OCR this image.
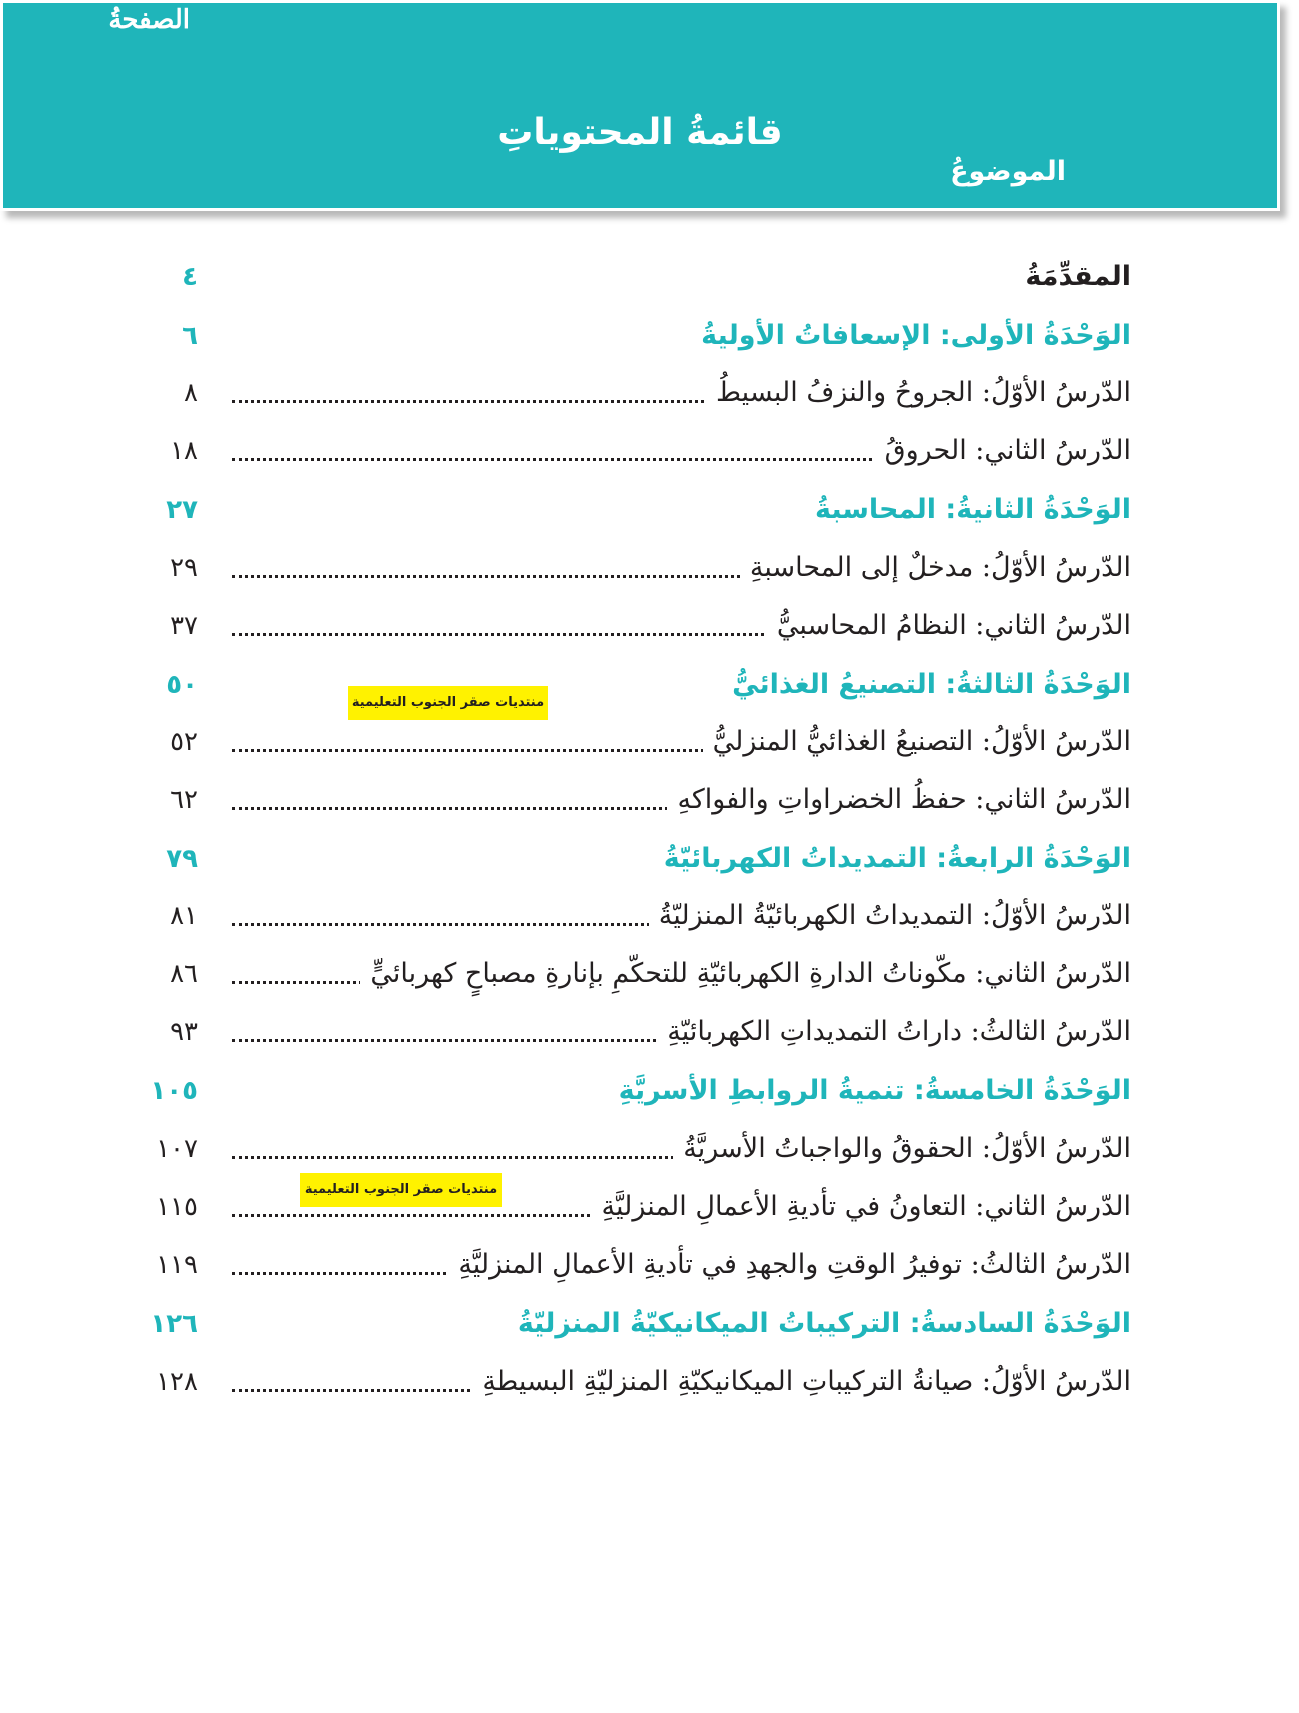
قائمةُ المحتوياتِ
الموضوعُ
الصفحةُ
المقدِّمَةُ
٤
الوَحْدَةُ الأولى: الإسعافاتُ الأوليةُ
٦
الدّرسُ الأوّلُ: الجروحُ والنزفُ البسيطُ
٨
الدّرسُ الثاني: الحروقُ
١٨
الوَحْدَةُ الثانيةُ: المحاسبةُ
٢٧
الدّرسُ الأوّلُ: مدخلٌ إلى المحاسبةِ
٢٩
الدّرسُ الثاني: النظامُ المحاسبيُّ
٣٧
الوَحْدَةُ الثالثةُ: التصنيعُ الغذائيُّ
٥٠
الدّرسُ الأوّلُ: التصنيعُ الغذائيُّ المنزليُّ
٥٢
الدّرسُ الثاني: حفظُ الخضراواتِ والفواكهِ
٦٢
الوَحْدَةُ الرابعةُ: التمديداتُ الكهربائيّةُ
٧٩
الدّرسُ الأوّلُ: التمديداتُ الكهربائيّةُ المنزليّةُ
٨١
الدّرسُ الثاني: مكّوناتُ الدارةِ الكهربائيّةِ للتحكّمِ بإنارةِ مصباحٍ كهربائيٍّ
٨٦
الدّرسُ الثالثُ: داراتُ التمديداتِ الكهربائيّةِ
٩٣
الوَحْدَةُ الخامسةُ: تنميةُ الروابطِ الأسريَّةِ
١٠٥
الدّرسُ الأوّلُ: الحقوقُ والواجباتُ الأسريَّةُ
١٠٧
الدّرسُ الثاني: التعاونُ في تأديةِ الأعمالِ المنزليَّةِ
١١٥
الدّرسُ الثالثُ: توفيرُ الوقتِ والجهدِ في تأديةِ الأعمالِ المنزليَّةِ
١١٩
الوَحْدَةُ السادسةُ: التركيباتُ الميكانيكيّةُ المنزليّةُ
١٢٦
الدّرسُ الأوّلُ: صيانةُ التركيباتِ الميكانيكيّةِ المنزليّةِ البسيطةِ
١٢٨
منتديات صقر الجنوب التعليمية
منتديات صقر الجنوب التعليمية
